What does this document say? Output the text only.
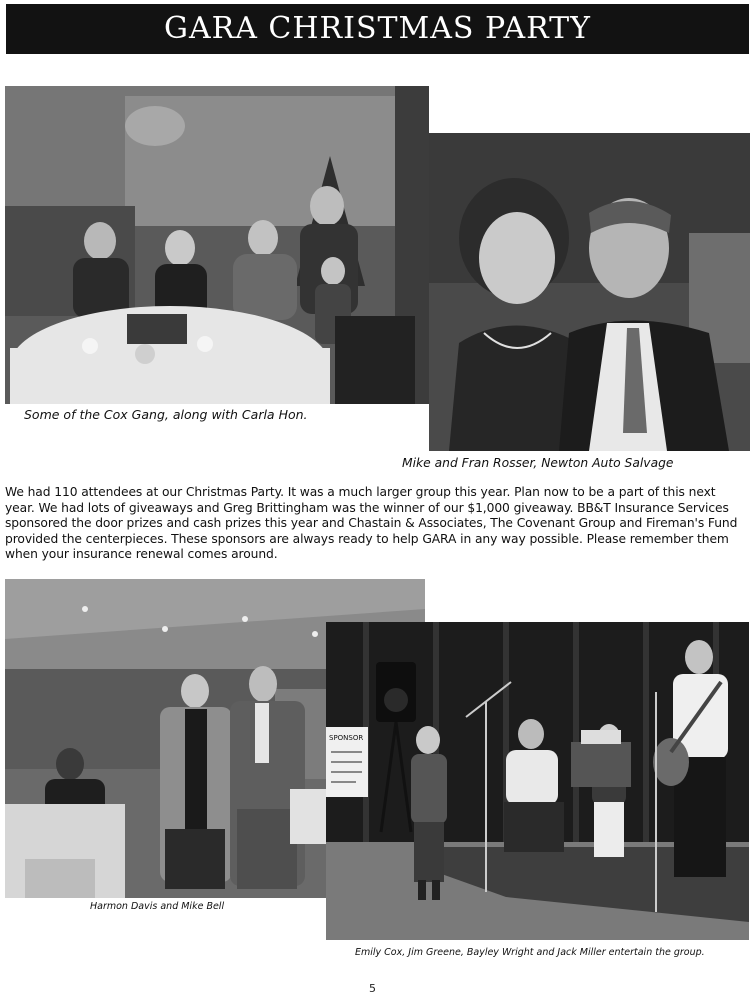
GARA CHRISTMAS PARTY
Some of the Cox Gang, along with Carla Hon.
Mike and Fran Rosser, Newton Auto Salvage

We had 110 attendees at our Christmas Party. It was a much larger group this year. Plan now to be a part of this next year. We had lots of giveaways and Greg Brittingham was the winner of our $1,000 giveaway. BB&T Insurance Services sponsored the door prizes and cash prizes this year and Chastain & Associates, The Covenant Group and Fireman's Fund provided the centerpieces. These sponsors are always ready to help GARA in any way possible. Please remember them when your insurance renewal comes around.

Harmon Davis and Mike Bell
SPONSOR
Emily Cox, Jim Greene, Bayley Wright and Jack Miller entertain the group.
5
